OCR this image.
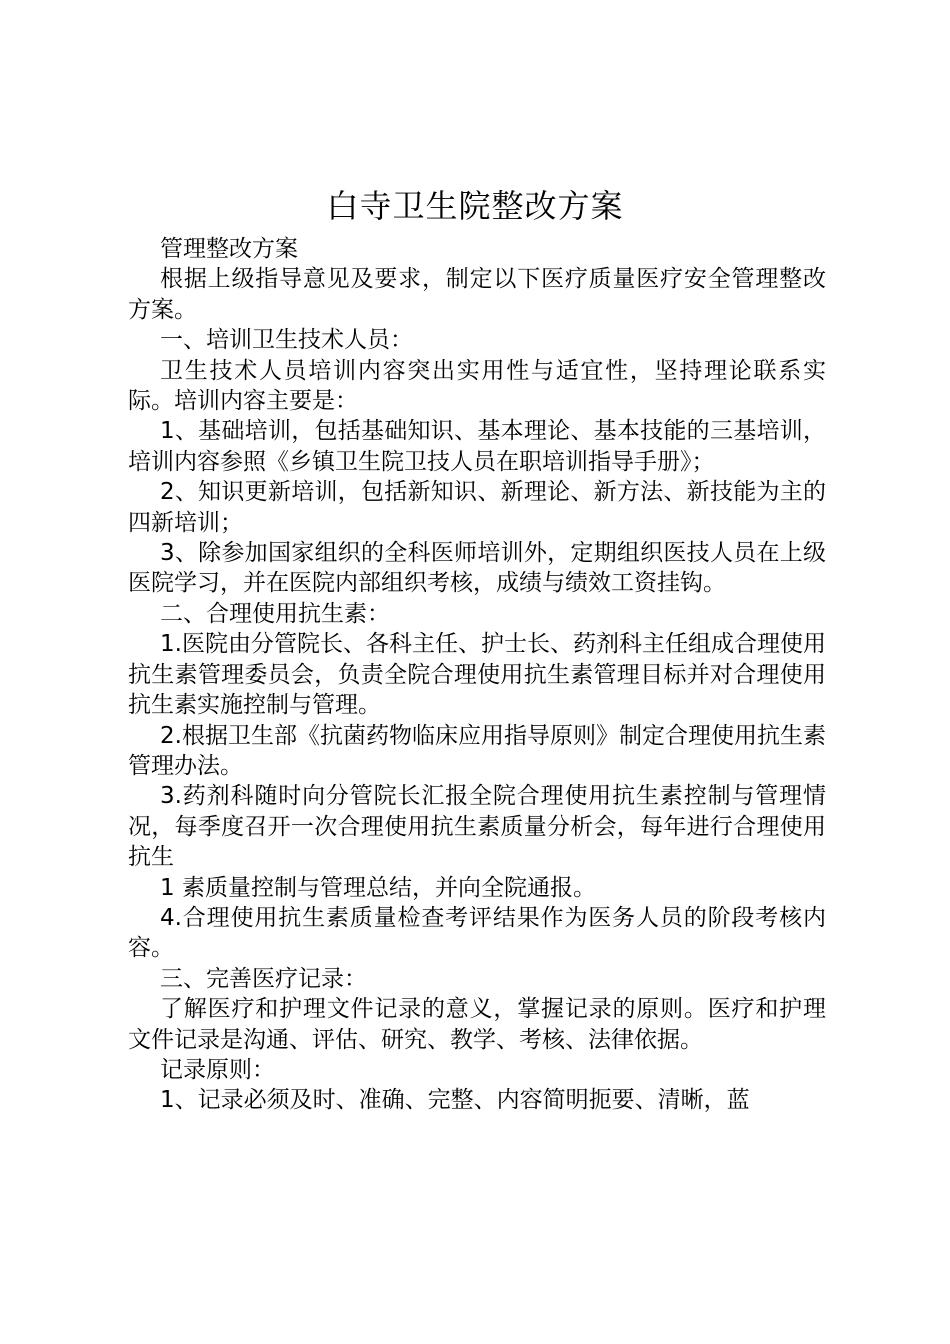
白寺卫生院整改方案

管理整改方案

根据上级指导意见及要求，制定以下医疗质量医疗安全管理整改方案。

一、培训卫生技术人员：

卫生技术人员培训内容突出实用性与适宜性，坚持理论联系实际。培训内容主要是：

1、基础培训，包括基础知识、基本理论、基本技能的三基培训，培训内容参照《乡镇卫生院卫技人员在职培训指导手册》；

2、知识更新培训，包括新知识、新理论、新方法、新技能为主的四新培训；

3、除参加国家组织的全科医师培训外，定期组织医技人员在上级医院学习，并在医院内部组织考核，成绩与绩效工资挂钩。

二、合理使用抗生素：

1.医院由分管院长、各科主任、护士长、药剂科主任组成合理使用抗生素管理委员会，负责全院合理使用抗生素管理目标并对合理使用抗生素实施控制与管理。

2.根据卫生部《抗菌药物临床应用指导原则》制定合理使用抗生素管理办法。

3.药剂科随时向分管院长汇报全院合理使用抗生素控制与管理情况，每季度召开一次合理使用抗生素质量分析会，每年进行合理使用抗生

1 素质量控制与管理总结，并向全院通报。

4.合理使用抗生素质量检查考评结果作为医务人员的阶段考核内容。

三、完善医疗记录：

了解医疗和护理文件记录的意义，掌握记录的原则。医疗和护理文件记录是沟通、评估、研究、教学、考核、法律依据。

记录原则：

1、记录必须及时、准确、完整、内容简明扼要、清晰，蓝
